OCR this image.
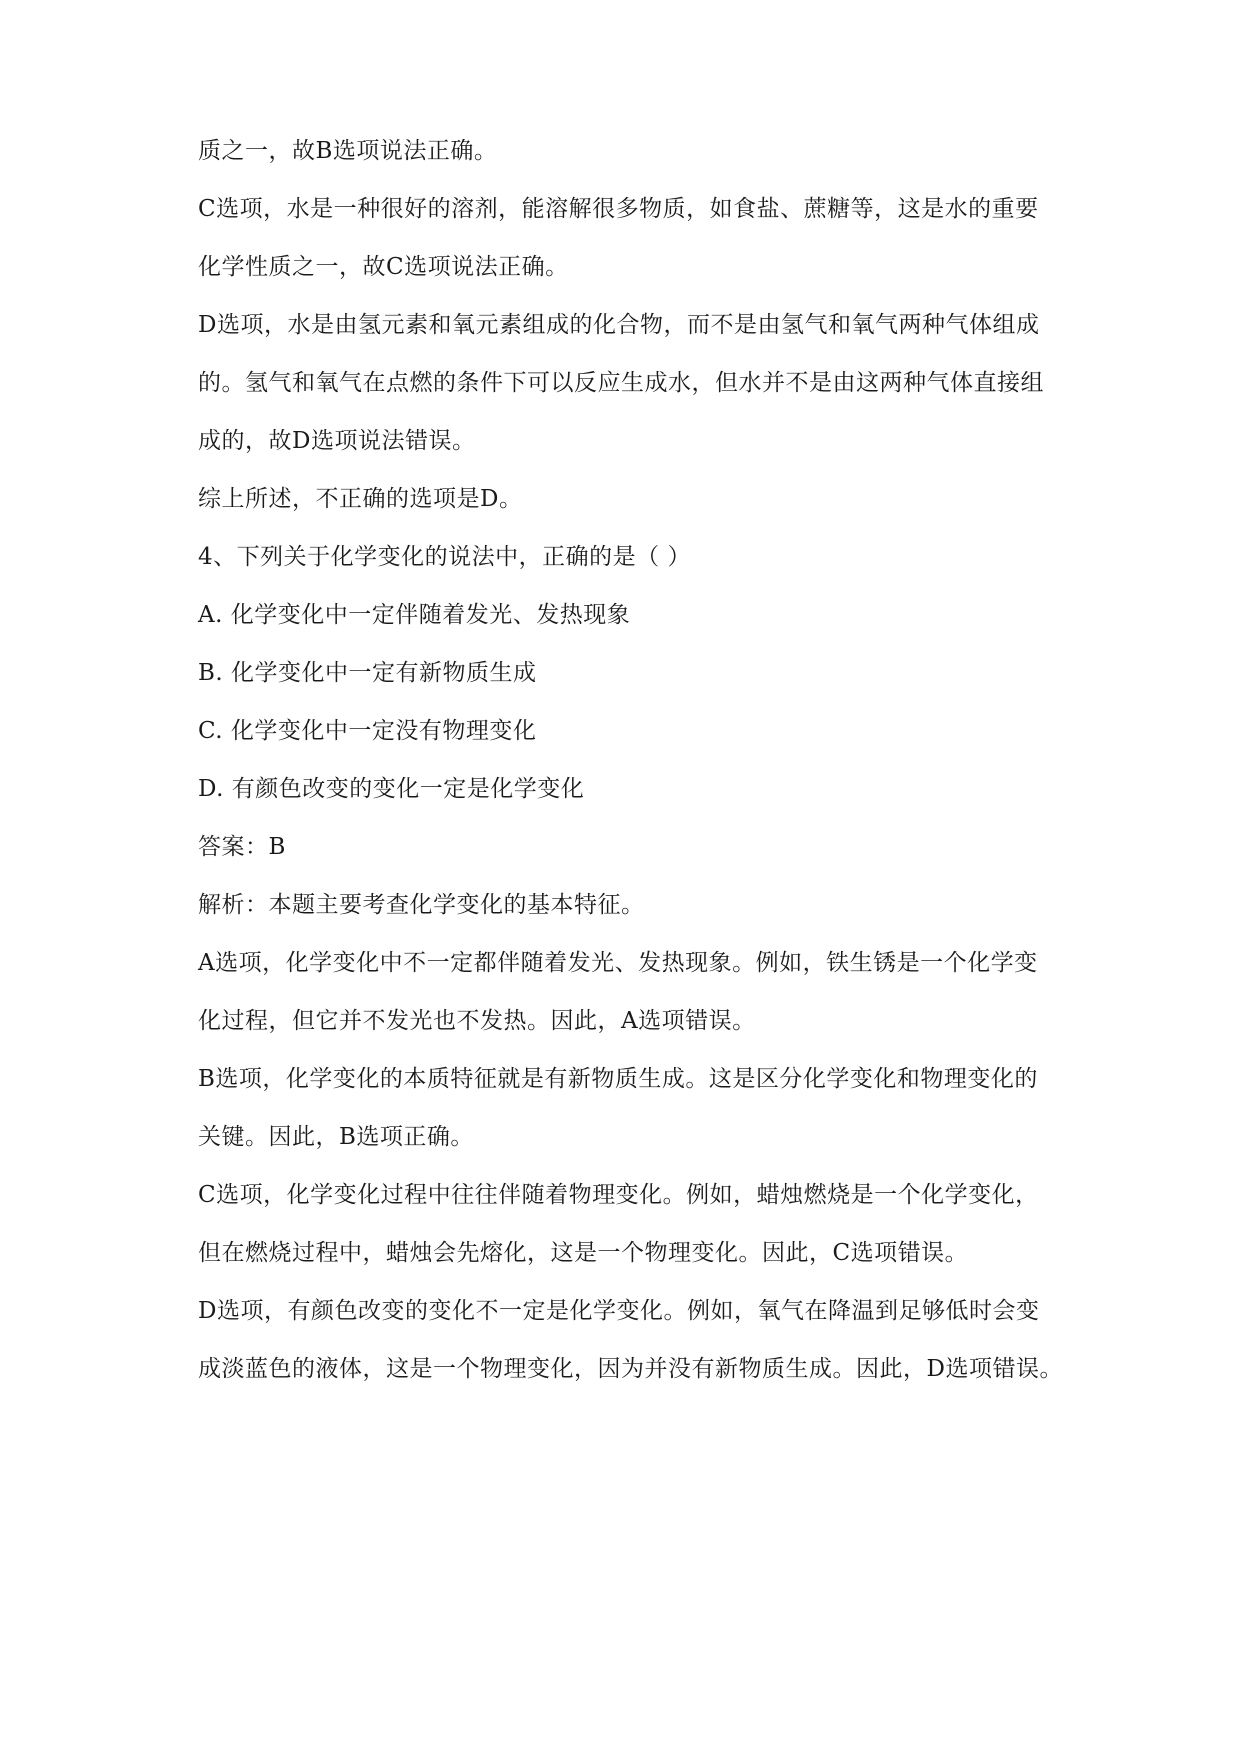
质之一，故B选项说法正确。
C选项，水是一种很好的溶剂，能溶解很多物质，如食盐、蔗糖等，这是水的重要
化学性质之一，故C选项说法正确。
D选项，水是由氢元素和氧元素组成的化合物，而不是由氢气和氧气两种气体组成
的。氢气和氧气在点燃的条件下可以反应生成水，但水并不是由这两种气体直接组
成的，故D选项说法错误。
综上所述，不正确的选项是D。
4、下列关于化学变化的说法中，正确的是（ ）
A. 化学变化中一定伴随着发光、发热现象
B. 化学变化中一定有新物质生成
C. 化学变化中一定没有物理变化
D. 有颜色改变的变化一定是化学变化
答案：B
解析：本题主要考查化学变化的基本特征。
A选项，化学变化中不一定都伴随着发光、发热现象。例如，铁生锈是一个化学变
化过程，但它并不发光也不发热。因此，A选项错误。
B选项，化学变化的本质特征就是有新物质生成。这是区分化学变化和物理变化的
关键。因此，B选项正确。
C选项，化学变化过程中往往伴随着物理变化。例如，蜡烛燃烧是一个化学变化，
但在燃烧过程中，蜡烛会先熔化，这是一个物理变化。因此，C选项错误。
D选项，有颜色改变的变化不一定是化学变化。例如，氧气在降温到足够低时会变
成淡蓝色的液体，这是一个物理变化，因为并没有新物质生成。因此，D选项错误。
